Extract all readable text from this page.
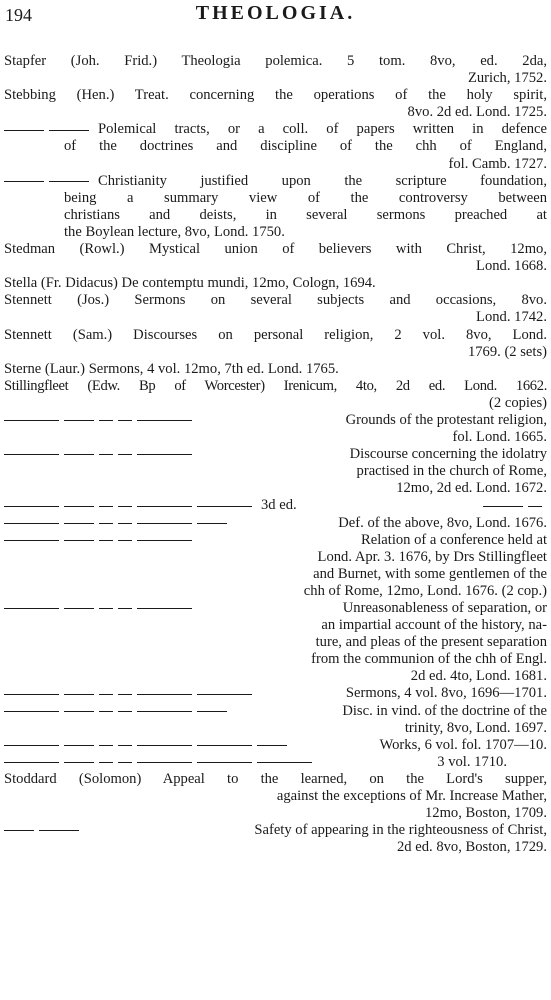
194	THEOLOGIA.
Stapfer (Joh. Frid.) Theologia polemica. 5 tom. 8vo, ed. 2da,
Zurich, 1752.
Stebbing (Hen.) Treat. concerning the operations of the holy spirit,
8vo. 2d ed. Lond. 1725.
Polemical tracts, or a coll. of papers written in defence
of the doctrines and discipline of the chh of England,
fol. Camb. 1727.
Christianity justified upon the scripture foundation,
being a summary view of the controversy between
christians and deists, in several sermons preached at
the Boylean lecture, 8vo, Lond. 1750.
Stedman (Rowl.) Mystical union of believers with Christ, 12mo,
Lond. 1668.
Stella (Fr. Didacus) De contemptu mundi, 12mo, Cologn, 1694.
Stennett (Jos.) Sermons on several subjects and occasions, 8vo.
Lond. 1742.
Stennett (Sam.) Discourses on personal religion, 2 vol. 8vo, Lond.
1769. (2 sets)
Sterne (Laur.) Sermons, 4 vol. 12mo, 7th ed. Lond. 1765.
Stillingfleet (Edw. Bp of Worcester) Irenicum, 4to, 2d ed. Lond. 1662.
(2 copies)
Grounds of the protestant religion,
fol. Lond. 1665.
Discourse concerning the idolatry
practised in the church of Rome,
12mo, 2d ed. Lond. 1672.
3d ed.
Def. of the above, 8vo, Lond. 1676.
Relation of a conference held at
Lond. Apr. 3. 1676, by Drs Stillingfleet
and Burnet, with some gentlemen of the
chh of Rome, 12mo, Lond. 1676. (2 cop.)
Unreasonableness of separation, or
an impartial account of the history, na-
ture, and pleas of the present separation
from the communion of the chh of Engl.
2d ed. 4to, Lond. 1681.
Sermons, 4 vol. 8vo, 1696—1701.
Disc. in vind. of the doctrine of the
trinity, 8vo, Lond. 1697.
Works, 6 vol. fol. 1707—10.
3 vol. 1710.
Stoddard (Solomon) Appeal to the learned, on the Lord's supper,
against the exceptions of Mr. Increase Mather,
12mo, Boston, 1709.
Safety of appearing in the righteousness of Christ,
2d ed. 8vo, Boston, 1729.
